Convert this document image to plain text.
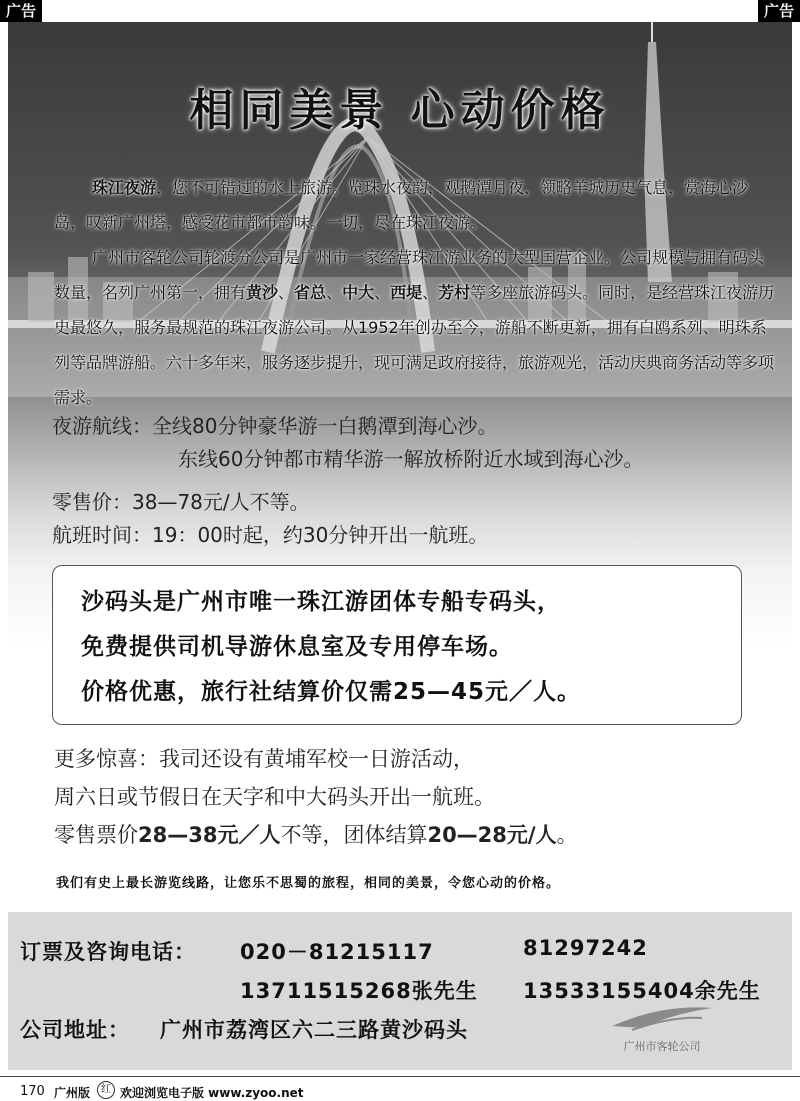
广告	广告
相同美景 心动价格

珠江夜游，您不可错过的水上旅游。览珠水夜韵，观鹅潭月夜，领略羊城历史气息，赏海心沙岛，叹新广州塔，感受花市都市韵味。一切，尽在珠江夜游。

广州市客轮公司轮渡分公司是广州市一家经营珠江游业务的大型国营企业。公司规模与拥有码头数量，名列广州第一，拥有黄沙、省总、中大、西堤、芳村等多座旅游码头。同时，是经营珠江夜游历史最悠久，服务最规范的珠江夜游公司。从1952年创办至今，游船不断更新，拥有白鸥系列、明珠系列等品牌游船。六十多年来，服务逐步提升，现可满足政府接待，旅游观光，活动庆典商务活动等多项需求。

夜游航线：全线80分钟豪华游一白鹅潭到海心沙。
东线60分钟都市精华游一解放桥附近水域到海心沙。
零售价：38—78元/人不等。
航班时间：19：00时起，约30分钟开出一航班。
沙码头是广州市唯一珠江游团体专船专码头，
免费提供司机导游休息室及专用停车场。
价格优惠，旅行社结算价仅需25—45元／人。
更多惊喜：我司还设有黄埔军校一日游活动，
周六日或节假日在天字和中大码头开出一航班。
零售票价28—38元／人不等，团体结算20—28元/人。
我们有史上最长游览线路，让您乐不思蜀的旅程，相同的美景，令您心动的价格。
订票及咨询电话： 020－81215117	81297242
13711515268张先生 13533155404余先生
公司地址： 广州市荔湾区六二三路黄沙码头
广州市客轮公司
170 广州版	红 欢迎浏览电子版 www.zyoo.net
